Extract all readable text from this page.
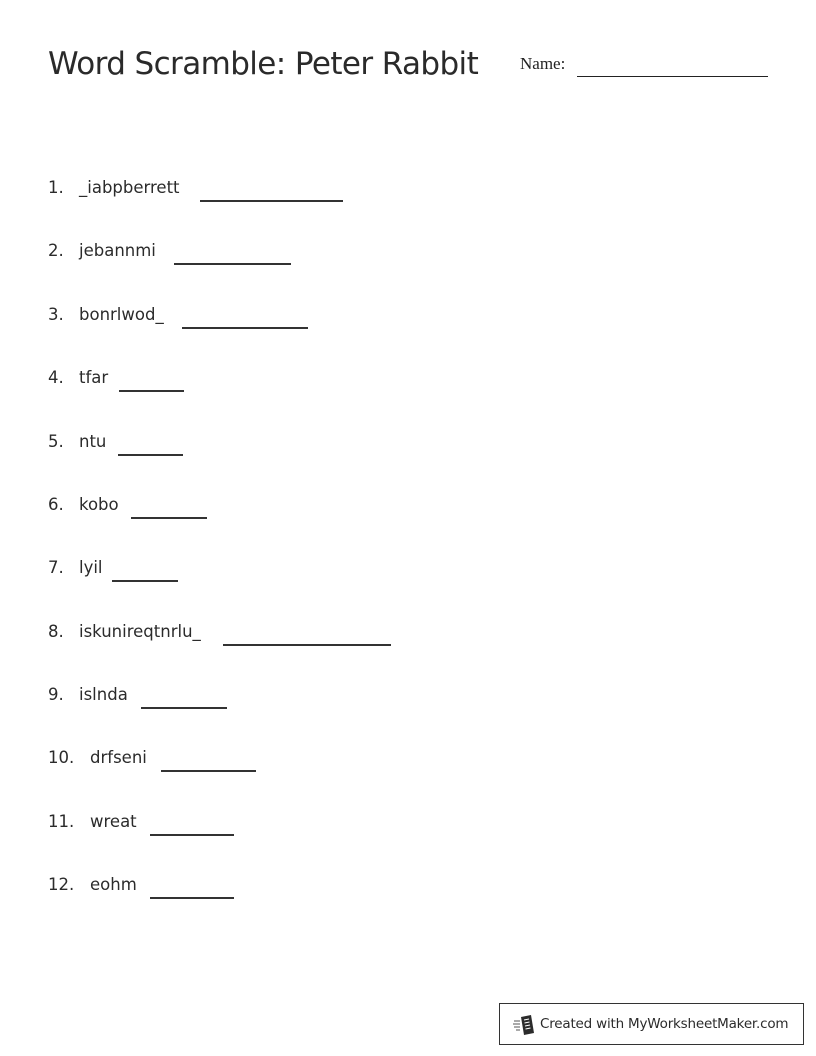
Word Scramble: Peter Rabbit Name:
1. _iabpberrett
2. jebannmi
3. bonrlwod_
4. tfar
5. ntu
6. kobo
7. lyil
8. iskunireqtnrlu_
9. islnda
10. drfseni
11. wreat
12. eohm
Created with MyWorksheetMaker.com
